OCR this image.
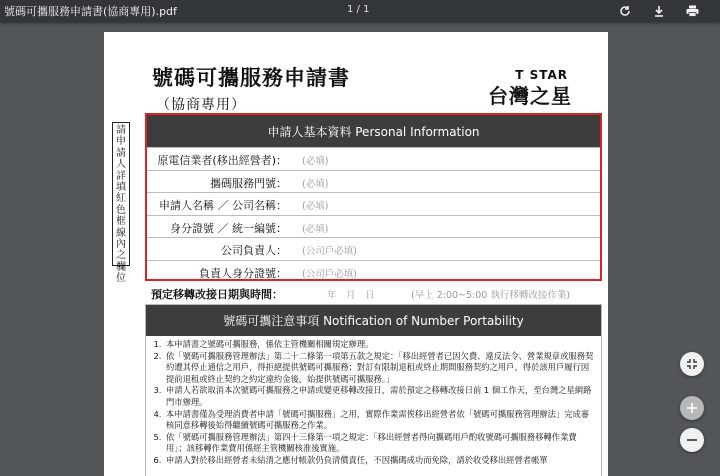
號碼可攜服務申請書(協商專用).pdf	1 / 1
號碼可攜服務申請書
（協商專用）
T STAR
台灣之星
請申請人詳填紅色框線內之欄位
申請人基本資料 Personal Information
原電信業者(移出經營者)： (必填)
攜碼服務門號： (必填)
申請人名稱 ／ 公司名稱： (必填)
身分證號 ／ 統一編號： (必填)
公司負責人： (公司戶必填)
負責人身分證號： (公司戶必填)
預定移轉改接日期與時間：	年　月　日	(早上 2:00~5:00 執行移轉改接作業)
號碼可攜注意事項 Notification of Number Portability
1. 本申請書之號碼可攜服務，係依主管機關相關規定辦理。
2. 依「號碼可攜服務管理辦法」第二十二條第一項第五款之規定：「移出經營者已因欠費、違反法令、營業規章或服務契約遭其停止通信之用戶，得拒絕提供號碼可攜服務；對訂有限制退租或終止期間服務契約之用戶，得於該用戶履行因提前退租或終止契約之約定違約金後，始提供號碼可攜服務。」
3. 申請人若欲取消本次號碼可攜服務之申請或變更移轉改接日，需於預定之移轉改接日前 1 個工作天，至台灣之星網路門市辦理。
4. 本申請書僅為受理消費者申請「號碼可攜服務」之用，實際作業需俟移出經營者依「號碼可攜服務管理辦法」完成審核同意移轉後始得繼續號碼可攜服務之作業。
5. 依「號碼可攜服務管理辦法」第四十三條第一項之規定：「移出經營者得向攜碼用戶酌收號碼可攜服務移轉作業費用」；該移轉作業費用係經主管機關核准後實施。
6. 申請人對於移出經營者未結清之應付帳款仍負清償責任，不因攜碼成功而免除，請於收受移出經營者帳單
